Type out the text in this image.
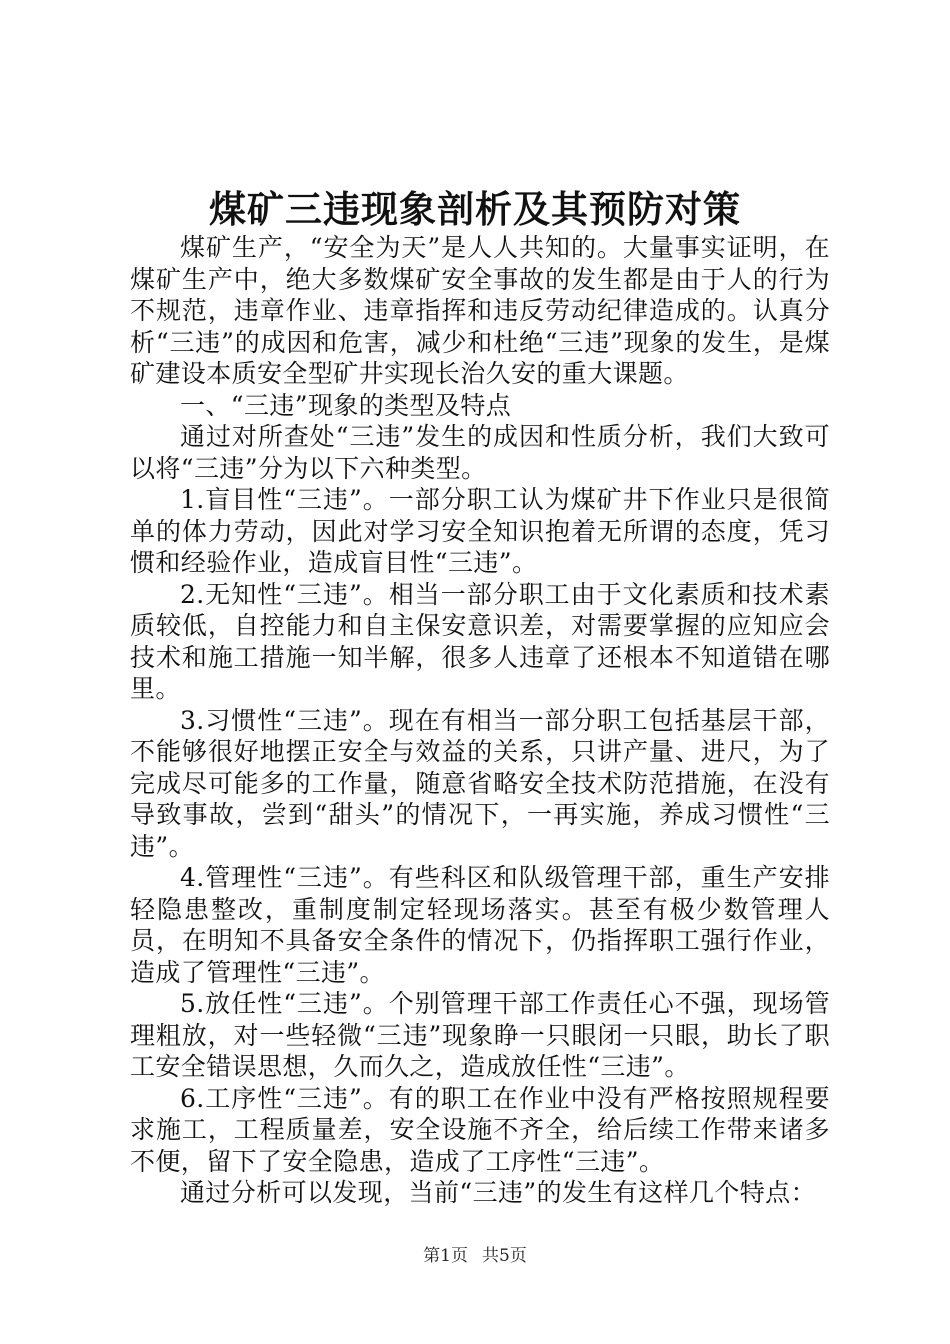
煤矿三违现象剖析及其预防对策

煤矿生产，“安全为天”是人人共知的。大量事实证明，在煤矿生产中，绝大多数煤矿安全事故的发生都是由于人的行为不规范，违章作业、违章指挥和违反劳动纪律造成的。认真分析“三违”的成因和危害，减少和杜绝“三违”现象的发生，是煤矿建设本质安全型矿井实现长治久安的重大课题。

一、“三违”现象的类型及特点

通过对所查处“三违”发生的成因和性质分析，我们大致可以将“三违”分为以下六种类型。

1.盲目性“三违”。一部分职工认为煤矿井下作业只是很简单的体力劳动，因此对学习安全知识抱着无所谓的态度，凭习惯和经验作业，造成盲目性“三违”。

2.无知性“三违”。相当一部分职工由于文化素质和技术素质较低，自控能力和自主保安意识差，对需要掌握的应知应会技术和施工措施一知半解，很多人违章了还根本不知道错在哪里。

3.习惯性“三违”。现在有相当一部分职工包括基层干部，不能够很好地摆正安全与效益的关系，只讲产量、进尺，为了完成尽可能多的工作量，随意省略安全技术防范措施，在没有导致事故，尝到“甜头”的情况下，一再实施，养成习惯性“三违”。

4.管理性“三违”。有些科区和队级管理干部，重生产安排轻隐患整改，重制度制定轻现场落实。甚至有极少数管理人员，在明知不具备安全条件的情况下，仍指挥职工强行作业，造成了管理性“三违”。

5.放任性“三违”。个别管理干部工作责任心不强，现场管理粗放，对一些轻微“三违”现象睁一只眼闭一只眼，助长了职工安全错误思想，久而久之，造成放任性“三违”。

6.工序性“三违”。有的职工在作业中没有严格按照规程要求施工，工程质量差，安全设施不齐全，给后续工作带来诸多不便，留下了安全隐患，造成了工序性“三违”。

通过分析可以发现，当前“三违”的发生有这样几个特点：

第1页 共5页
